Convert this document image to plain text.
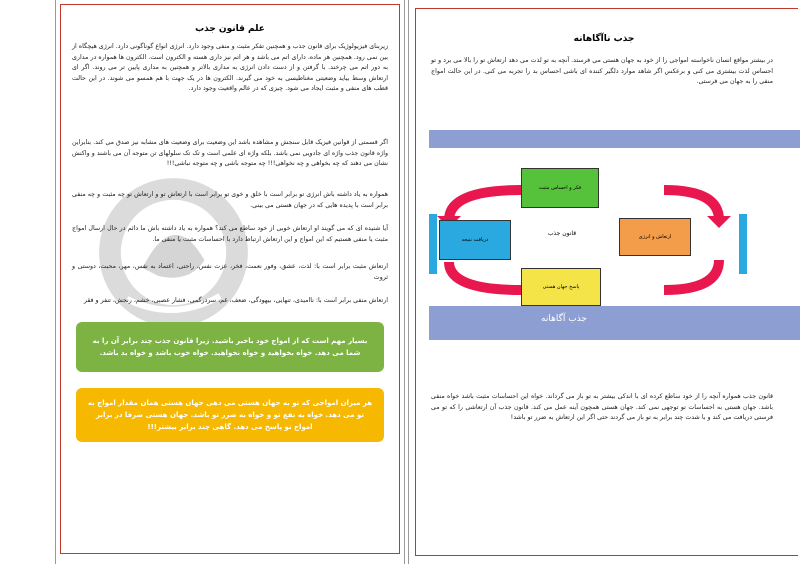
علم قانون جذب
زیربنای فیزیولوژیک برای قانون جذب و همچنین تفکر مثبت و منفی وجود دارد. انرژی انواع گوناگونی دارد. انرژی هیچگاه از بین نمی رود. همچنین هر ماده، دارای اتم می باشد و هر اتم نیز داری هسته و الکترون است. الکترون ها همواره در مداری به دور اتم می چرخند. با گرفتن و از دست دادن انرژی به مداری بالاتر و همچنین به مداری پایین تر می روند. اگر ای ارتعاش وسط بیاید وضعیتی مغناطیسی به خود می گیرند. الکترون ها در یک جهت با هم همسو می شوند. در این حالت قطب های منفی و مثبت ایجاد می شود. چیزی که در عالم واقعیت وجود دارد.
اگر قسمتی از قوانین فیزیک قابل سنجش و مشاهده باشد این وضعیت برای وضعیت های مشابه نیز صدق می کند. بنابراین واژه قانون جذب واژه ای جادویی نمی باشد. بلکه واژه ای علمی است و تک تک سلولهای تن متوجه آن می باشند و واکنش نشان می دهند که چه بخواهی و چه نخواهی!!! چه متوجه باشی و چه متوجه نباشی!!!
همواره به یاد داشته باش انرژی تو برابر است با خلق و خوی تو برابر است با ارتعاش تو و ارتعاش تو چه مثبت و چه منفی برابر است با پدیده هایی که در جهان هستی می بینی.
آیا شنیده ای که می گویند او ارتعاش خوبی از خود ساطع می کند؟ همواره به یاد داشته باش ما دائم در حال ارسال امواج مثبت یا منفی هستیم که این امواج و این ارتعاش ارتباط دارد با احساسات مثبت یا منفی ما.
ارتعاش مثبت برابر است با: لذت، عشق، وفور نعمت، فخر، عزت نفس، راحتی، اعتماد به نفس، مهر، محبت، دوستی و ثروت
ارتعاش منفی برابر است با: ناامیدی، تنهایی، بیهودگی، ضعف، غم، سردرگمی، فشار عصبی، خشم، رنجش، تنفر و فقر
بسیار مهم است که از امواج خود باخبر باشید. زیرا قانون جذب چند برابر آن را به شما می دهد. خواه بخواهید و خواه نخواهید. خواه خوب باشد و خواه بد باشد.
هر میزان امواجی که تو به جهان هستی می دهی جهان هستی همان مقدار امواج به تو می دهد. خواه به نفع تو و خواه به ضرر تو باشد. جهان هستی صرفا در برابر امواج تو پاسخ می دهد. گاهی چند برابر بیشتر!!!
جذب ناآگاهانه
در بیشتر مواقع انسان ناخواسته امواجی را از خود به جهان هستی می فرستد. آنچه به تو لذت می دهد ارتعاش تو را بالا می برد و تو احساس لذت بیشتری می کنی و برعکس اگر شاهد موارد دلگیر کننده ای باشی احساس بد را تجربه می کنی. در این حالت امواج منفی را به جهان می فرستی.
فکر و احساس مثبت
ارتعاش و انرژی
پاسخ جهان هستی
دریافت نتیجه
قانون جذب
جذب آگاهانه
قانون جذب همواره آنچه را از خود ساطع کرده ای با اندکی بیشتر به تو باز می گرداند. خواه این احساسات مثبت باشد خواه منفی باشد. جهان هستی به احساسات تو توجهی نمی کند. جهان هستی همچون آینه عمل می کند. قانون جذب آن ارتعاشی را که تو می فرستی دریافت می کند و با شدت چند برابر به تو باز می گردند حتی اگر این ارتعاش به ضرر تو باشد!
